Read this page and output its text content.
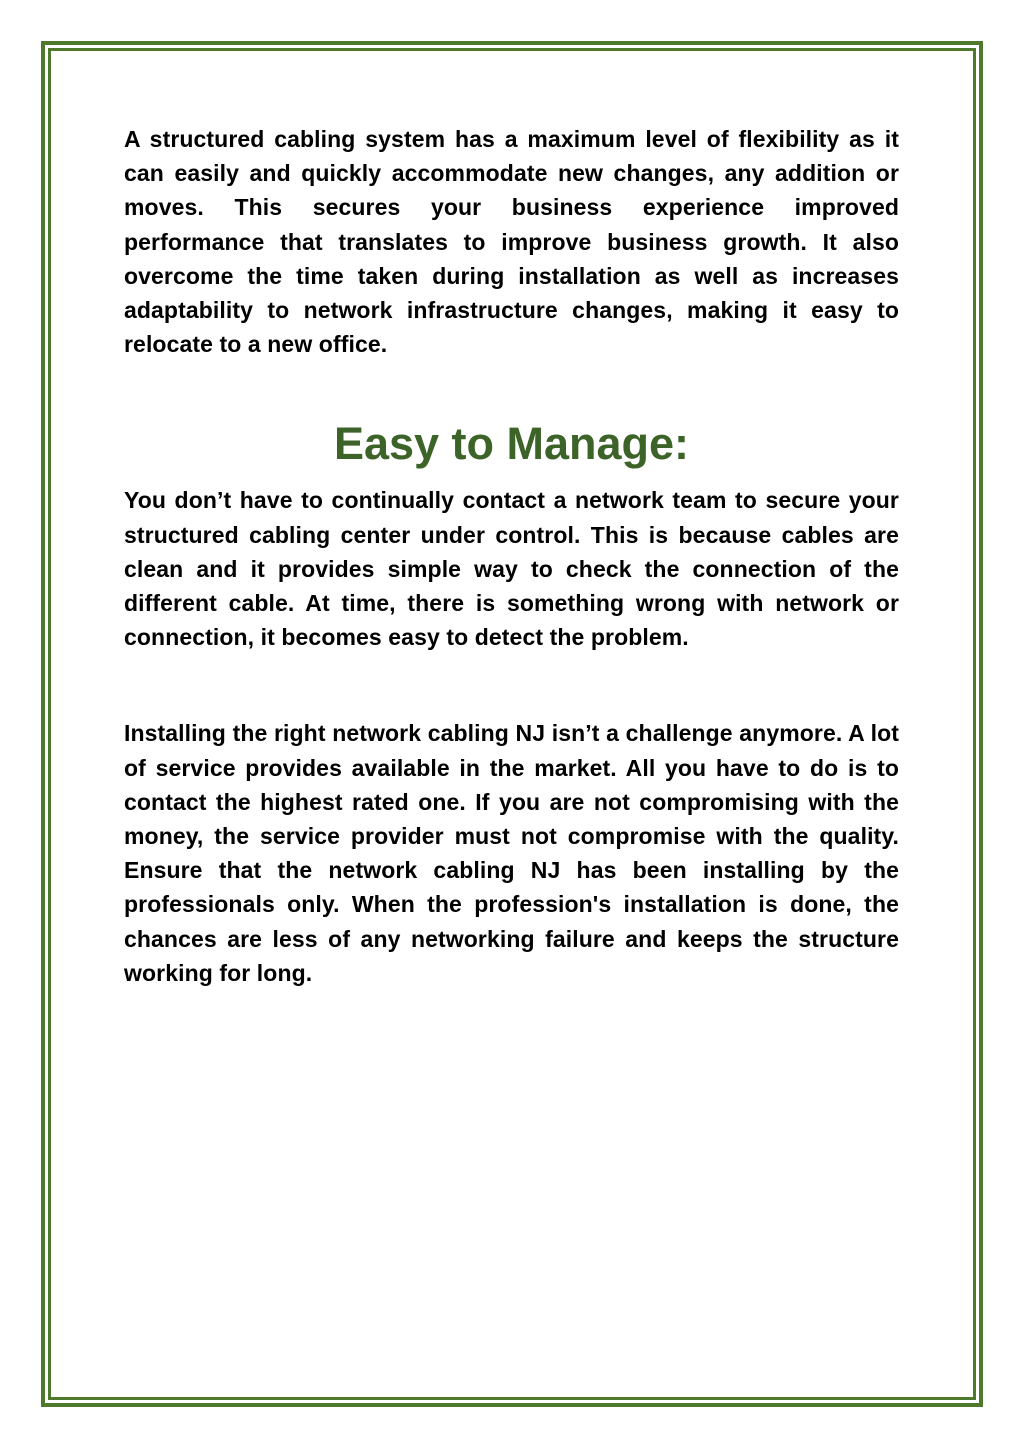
A structured cabling system has a maximum level of flexibility as it can easily and quickly accommodate new changes, any addition or moves. This secures your business experience improved performance that translates to improve business growth. It also overcome the time taken during installation as well as increases adaptability to network infrastructure changes, making it easy to relocate to a new office.

Easy to Manage:

You don’t have to continually contact a network team to secure your structured cabling center under control. This is because cables are clean and it provides simple way to check the connection of the different cable. At time, there is something wrong with network or connection, it becomes easy to detect the problem.

Installing the right network cabling NJ isn’t a challenge anymore. A lot of service provides available in the market. All you have to do is to contact the highest rated one. If you are not compromising with the money, the service provider must not compromise with the quality. Ensure that the network cabling NJ has been installing by the professionals only. When the profession's installation is done, the chances are less of any networking failure and keeps the structure working for long.
